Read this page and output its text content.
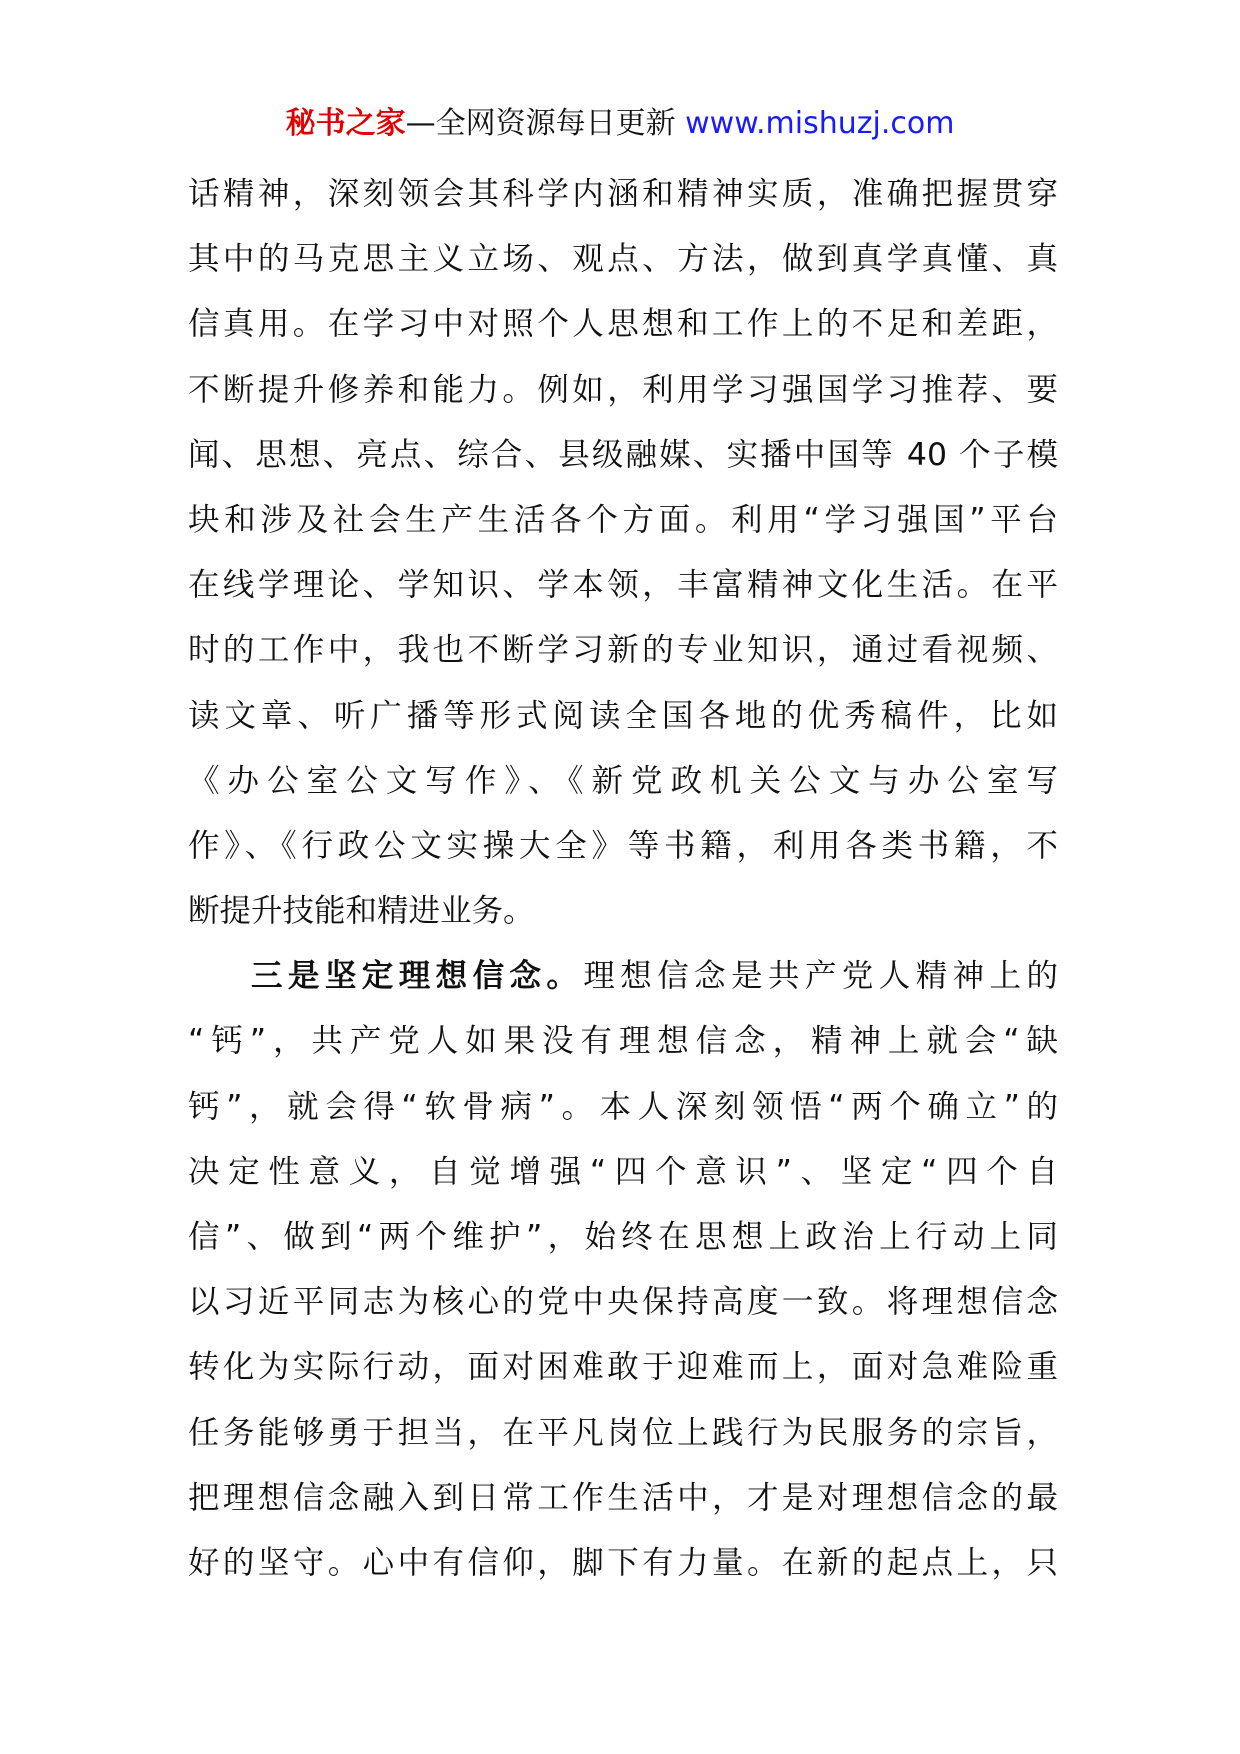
秘书之家—全网资源每日更新 www.mishuzj.com
话精神，深刻领会其科学内涵和精神实质，准确把握贯穿
其中的马克思主义立场、观点、方法，做到真学真懂、真
信真用。在学习中对照个人思想和工作上的不足和差距，
不断提升修养和能力。例如，利用学习强国学习推荐、要
闻、思想、亮点、综合、县级融媒、实播中国等 40 个子模
块和涉及社会生产生活各个方面。利用“学习强国”平台
在线学理论、学知识、学本领，丰富精神文化生活。在平
时的工作中，我也不断学习新的专业知识，通过看视频、
读文章、听广播等形式阅读全国各地的优秀稿件，比如
《办公室公文写作》、《新党政机关公文与办公室写
作》、《行政公文实操大全》等书籍，利用各类书籍，不
断提升技能和精进业务。
三是坚定理想信念。理想信念是共产党人精神上的
“钙”，共产党人如果没有理想信念，精神上就会“缺
钙”，就会得“软骨病”。本人深刻领悟“两个确立”的
决定性意义，自觉增强“四个意识”、坚定“四个自
信”、做到“两个维护”，始终在思想上政治上行动上同
以习近平同志为核心的党中央保持高度一致。将理想信念
转化为实际行动，面对困难敢于迎难而上，面对急难险重
任务能够勇于担当，在平凡岗位上践行为民服务的宗旨，
把理想信念融入到日常工作生活中，才是对理想信念的最
好的坚守。心中有信仰，脚下有力量。在新的起点上，只
